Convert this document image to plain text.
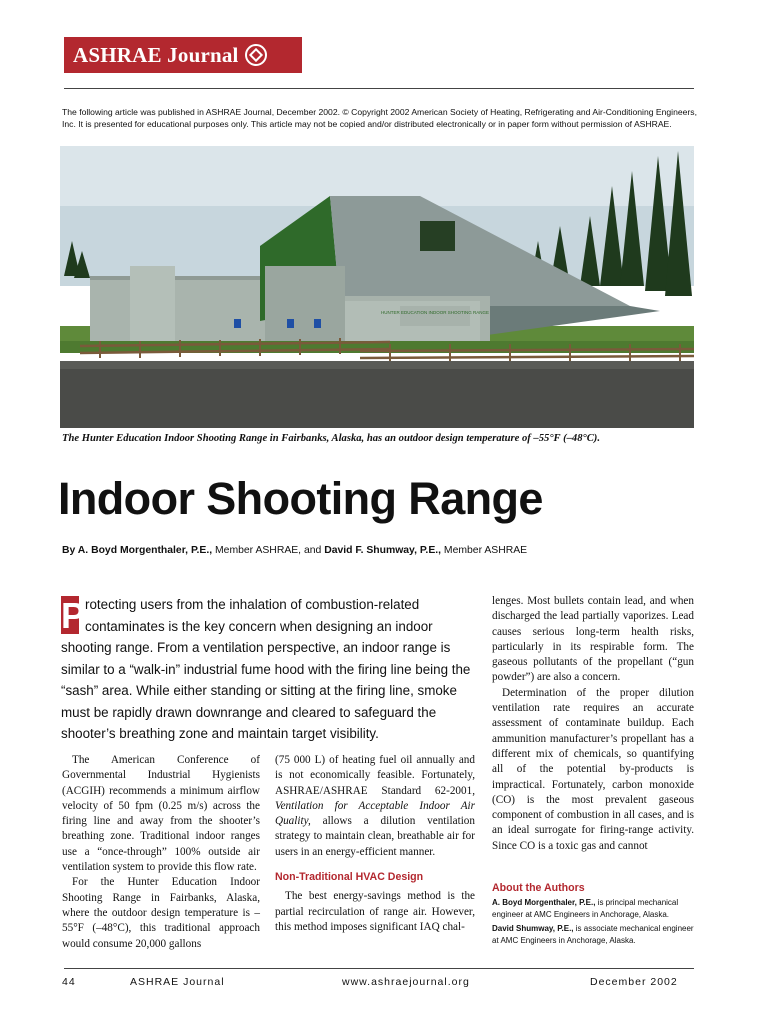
ASHRAE Journal
The following article was published in ASHRAE Journal, December 2002. © Copyright 2002 American Society of Heating, Refrigerating and Air-Conditioning Engineers, Inc. It is presented for educational purposes only. This article may not be copied and/or distributed electronically or in paper form without permission of ASHRAE.
HUNTER EDUCATION INDOOR SHOOTING RANGE
The Hunter Education Indoor Shooting Range in Fairbanks, Alaska, has an outdoor design temperature of –55°F (–48°C).
Indoor Shooting Range
By A. Boyd Morgenthaler, P.E., Member ASHRAE, and David F. Shumway, P.E., Member ASHRAE
P rotecting users from the inhalation of combustion-related contaminates is the key concern when designing an indoor shooting range. From a ventilation perspective, an indoor range is similar to a “walk-in” industrial fume hood with the firing line being the “sash” area. While either standing or sitting at the firing line, smoke must be rapidly drawn downrange and cleared to safeguard the shooter’s breathing zone and maintain target visibility.

The American Conference of Governmental Industrial Hygienists (ACGIH) recommends a minimum airflow velocity of 50 fpm (0.25 m/s) across the firing line and away from the shooter’s breathing zone. Traditional indoor ranges use a “once-through” 100% outside air ventilation system to provide this flow rate.

For the Hunter Education Indoor Shooting Range in Fairbanks, Alaska, where the outdoor design temperature is –55°F (–48°C), this traditional approach would consume 20,000 gallons

(75 000 L) of heating fuel oil annually and is not economically feasible. Fortunately, ASHRAE/ASHRAE Standard 62-2001, Ventilation for Acceptable Indoor Air Quality, allows a dilution ventilation strategy to maintain clean, breathable air for users in an energy-efficient manner.

Non-Traditional HVAC Design

The best energy-savings method is the partial recirculation of range air. However, this method imposes significant IAQ chal-

lenges. Most bullets contain lead, and when discharged the lead partially vaporizes. Lead causes serious long-term health risks, particularly in its respirable form. The gaseous pollutants of the propellant (“gun powder”) are also a concern.

Determination of the proper dilution ventilation rate requires an accurate assessment of contaminate buildup. Each ammunition manufacturer’s propellant has a different mix of chemicals, so quantifying all of the potential by-products is impractical. Fortunately, carbon monoxide (CO) is the most prevalent gaseous component of combustion in all cases, and is an ideal surrogate for firing-range activity. Since CO is a toxic gas and cannot

About the Authors

A. Boyd Morgenthaler, P.E., is principal mechanical engineer at AMC Engineers in Anchorage, Alaska.

David Shumway, P.E., is associate mechanical engineer at AMC Engineers in Anchorage, Alaska.

44	ASHRAE Journal	www.ashraejournal.org	December 2002
